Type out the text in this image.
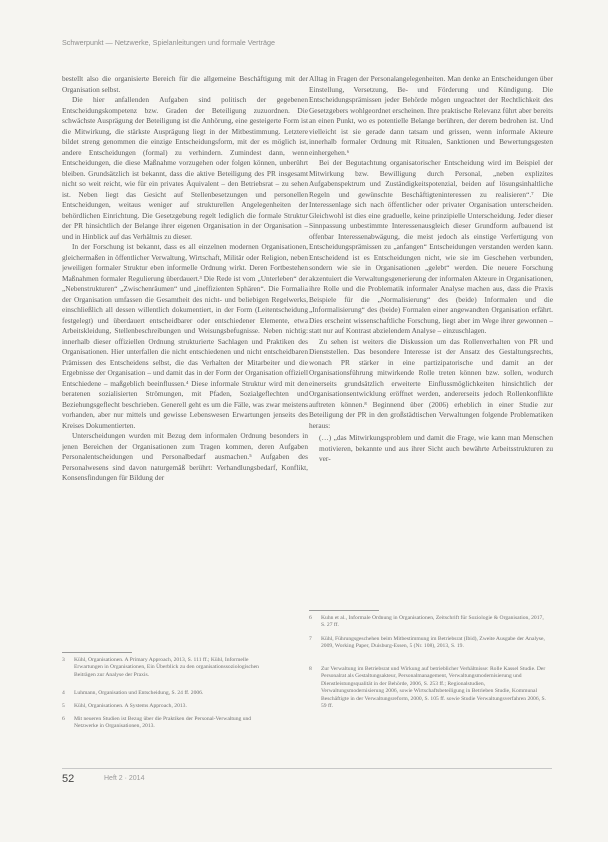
Schwerpunkt — Netzwerke, Spielanleitungen und formale Verträge

bestellt also die organisierte Bereich für die allgemeine Beschäftigung mit der Organisation selbst.

Die hier anfallenden Aufgaben sind politisch der gegebenen Entscheidungskompetenz bzw. Graden der Beteiligung zuzuordnen. Die schwächste Ausprägung der Beteiligung ist die Anhörung, eine gesteigerte Form ist die Mitwirkung, die stärkste Ausprägung liegt in der Mitbestimmung. Letztere bildet streng genommen die einzige Entscheidungsform, mit der es möglich ist, andere Entscheidungen (formal) zu verhindern. Zumindest dann, wenn Entscheidungen, die diese Maßnahme vorzugehen oder folgen können, unberührt bleiben. Grundsätzlich ist bekannt, dass die aktive Beteiligung des PR insgesamt nicht so weit reicht, wie für ein privates Äquivalent – den Betriebsrat – zu sehen ist. Neben liegt das Gesicht auf Stellenbesetzungen und personellen Entscheidungen, weitaus weniger auf strukturellen Angelegenheiten der behördlichen Einrichtung. Die Gesetzgebung regelt lediglich die formale Struktur der PR hinsichtlich der Belange ihrer eigenen Organisation in der Organisation – und in Hinblick auf das Verhältnis zu dieser.

In der Forschung ist bekannt, dass es all einzelnen modernen Organisationen, gleichermaßen in öffentlicher Verwaltung, Wirtschaft, Militär oder Religion, neben jeweiligen formaler Struktur eben informelle Ordnung wirkt. Deren Fortbestehen Maßnahmen formaler Regulierung überdauert.³ Die Rede ist vom „Unterleben“ der „Nebenstrukturen“ „Zwischenräumen“ und „ineffizienten Sphären“. Die Formalia der Organisation umfassen die Gesamtheit des nicht- und beliebigen Regelwerks, einschließlich all dessen willentlich dokumentiert, in der Form (Leitentscheidung festgelegt) und überdauert entscheidbarer oder entschiedener Elemente, etwa Arbeitskleidung, Stellenbeschreibungen und Weisungsbefugnisse. Neben nichtig: innerhalb dieser offiziellen Ordnung strukturierte Sachlagen und Praktiken des Organisationen. Hier unterfallen die nicht entschiedenen und nicht entscheidbaren Prämissen des Entscheidens selbst, die das Verhalten der Mitarbeiter und die Ergebnisse der Organisation – und damit das in der Form der Organisation offiziell Entschiedene – maßgeblich beeinflussen.⁴ Diese informale Struktur wird mit den beratenen sozialisierten Strömungen, mit Pfaden, Sozialgeflechten und Beziehungsgeflecht beschrieben. Generell geht es um die Fälle, was zwar meistens vorhanden, aber nur mittels und gewisse Lebenswesen Erwartungen jenseits des Kreises Dokumentierten.

Unterscheidungen wurden mit Bezug dem informalen Ordnung besonders in jenen Bereichen der Organisationen zum Tragen kommen, deren Aufgaben Personalentscheidungen und Personalbedarf ausmachen.⁵ Aufgaben des Personalwesens sind davon naturgemäß berührt: Verhandlungsbedarf, Konflikt, Konsensfindungen für Bildung der

Alltag in Fragen der Personalangelegenheiten. Man denke an Entscheidungen über Einstellung, Versetzung, Be- und Förderung und Kündigung. Die Entscheidungsprämissen jeder Behörde mögen ungeachtet der Rechtlichkeit des Gesetzgebers wohlgeordnet erscheinen. Ihre praktische Relevanz führt aber bereits an einen Punkt, wo es potentielle Belange berühren, der derem bedrohen ist. Und vielleicht ist sie gerade dann tatsam und grissen, wenn informale Akteure innerhalb formaler Ordnung mit Ritualen, Sanktionen und Bewertungsgesten einhergehen.⁶

Bei der Begutachtung organisatorischer Entscheidung wird im Beispiel der Mitwirkung bzw. Bewilligung durch Personal, „neben explizites Aufgabenspektrum und Zuständigkeitspotenzial, beiden auf lösungsinhaltliche Regeln und gewünschte Beschäftigteninteressen zu realisieren“.⁷ Die Interessenlage sich nach öffentlicher oder privater Organisation unterscheiden. Gleichwohl ist dies eine graduelle, keine prinzipielle Unterscheidung. Jeder dieser Sinnpassung unbestimmte Interessenausgleich dieser Grundform aufbauend ist offenbar Interessenabwägung, die meist jedoch als einstige Verfertigung von Entscheidungsprämissen zu „anfangen“ Entscheidungen verstanden werden kann. Entscheidend ist es Entscheidungen nicht, wie sie im Geschehen verbunden, sondern wie sie in Organisationen „gelebt“ werden. Die neuere Forschung akzentuiert die Verwaltungsgenerierung der informalen Akteure in Organisationen, ihre Rolle und die Problematik informaler Analyse machen aus, dass die Praxis Beispiele für die „Normalisierung“ des (beide) Informalen und die „Informalisierung“ des (beide) Formalen einer angewandten Organisation erfährt. Dies erscheint wissenschaftliche Forschung, liegt aber im Wege ihrer gewonnen – statt nur auf Kontrast abzielendem Analyse – einzuschlagen.

Zu sehen ist weiters die Diskussion um das Rollenverhalten von PR und Dienststellen. Das besondere Interesse ist der Ansatz des Gestaltungsrechts, wonach PR stärker in eine partizipatorische und damit an der Organisationsführung mitwirkende Rolle treten können bzw. sollen, wodurch einerseits grundsätzlich erweiterte Einflussmöglichkeiten hinsichtlich der Organisationsentwicklung eröffnet werden, andererseits jedoch Rollenkonflikte auftreten können.⁸ Beginnend über (2006) erheblich in einer Studie zur Beteiligung der PR in den großstädtischen Verwaltungen folgende Problematiken heraus:

(…) „das Mitwirkungsproblem und damit die Frage, wie kann man Menschen motivieren, bekannte und aus ihrer Sicht auch bewährte Arbeitsstrukturen zu ver-

3 Kühl, Organisationen. A Primary Approach, 2013, S. 111 ff.; Kühl, Informelle Erwartungen in Organisationen, Ein Überblick zu den organisationssoziologischen Beiträgen zur Analyse der Praxis.
4 Luhmann, Organisation und Entscheidung, S. 24 ff. 2006.
5 Kühl, Organisationen. A Systems Approach, 2013.
6 Mit neueren Studien ist Bezug über die Praktiken der Personal-Verwaltung und Netzwerke in Organisationen, 2013.
6 Kuhn et al., Informale Ordnung in Organisationen, Zeitschrift für Soziologie & Organisation, 2017, S. 27 ff.
7 Kühl, Führungsgeschehen beim Mitbestimmung im Betriebsrat (Ibid), Zweite Ausgabe der Analyse, 2009, Working Paper, Duisburg-Essen, 5 (Nr. 108), 2013, S. 19.
8 Zur Verwaltung im Betriebsrat und Wirkung auf betrieblicher Verhältnisse: Rolle Kassel Studie. Der Personalrat als Gestaltungsakteur, Personalmanagement, Verwaltungsmodernisierung und Dienstleistungsqualität in der Behörde, 2006, S. 253 ff.; Regionalstudien, Verwaltungsmodernisierung 2006, sowie Wirtschaftsbeteiligung in Betrieben Studie, Kommunal Beschäftigte in der Verwaltungsreform, 2000, S. 105 ff. sowie Studie Verwaltungsverfahren 2006, S. 59 ff.
52	Heft 2 · 2014
